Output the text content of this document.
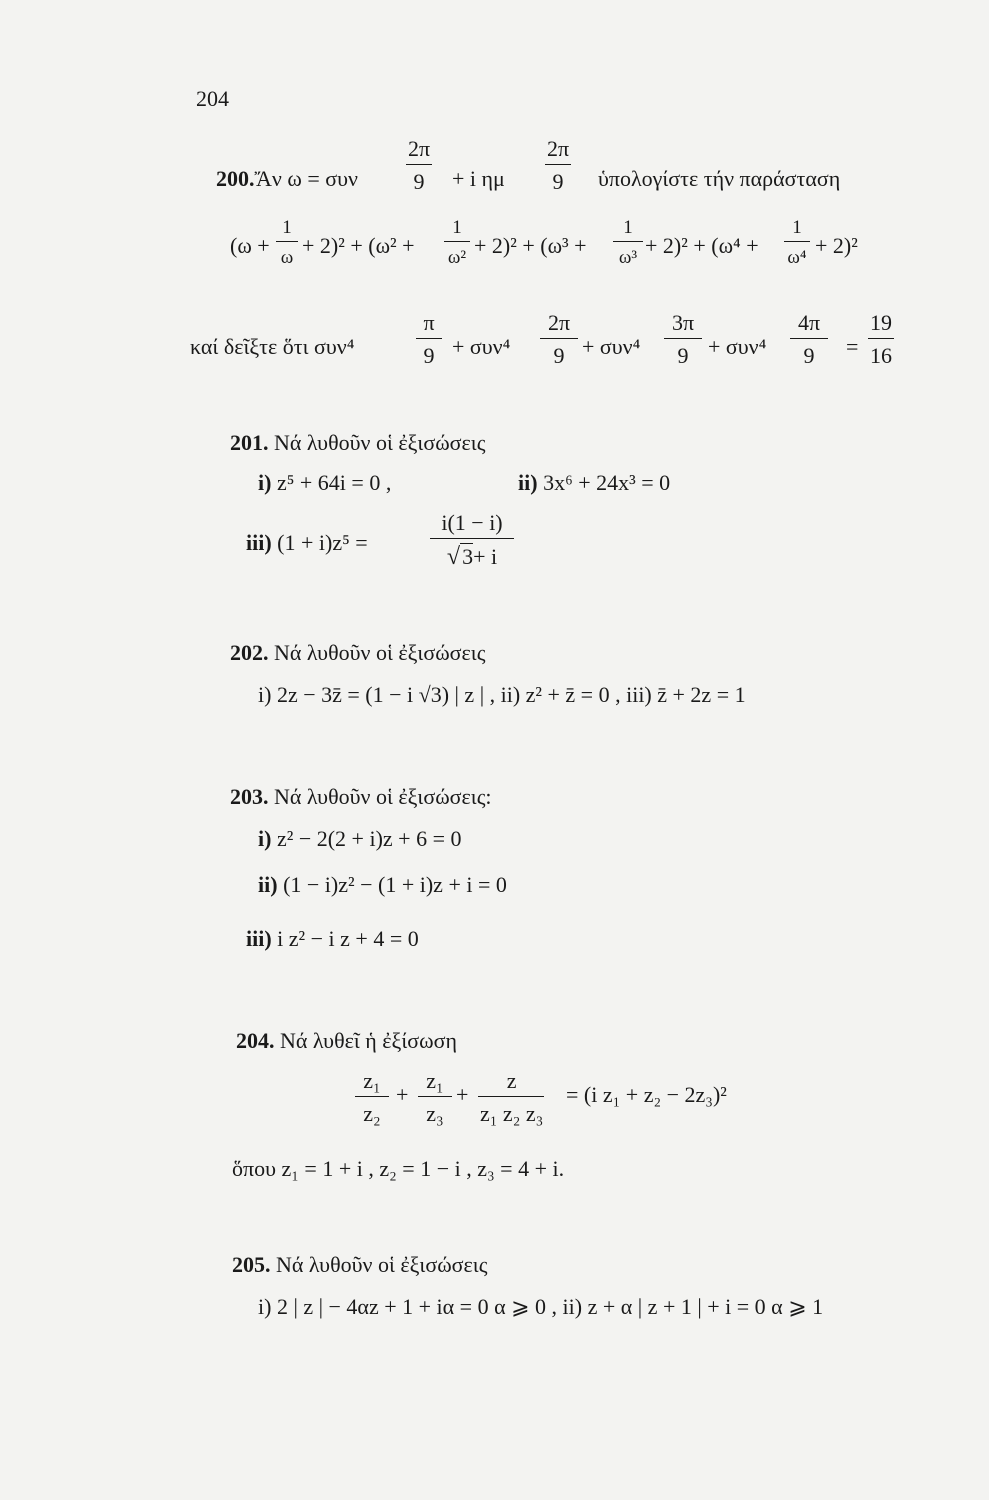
204
200.Ἄν ω = συν
2π
9 + i ημ
2π
9 ὑπολογίστε τήν παράσταση
(ω +
1
ω + 2)² + (ω² +
1
ω² + 2)² + (ω³ +
1
ω³ + 2)² + (ω⁴ +
1
ω⁴ + 2)²
καί δεῖξτε ὅτι συν⁴
π
9 + συν⁴
2π
9 + συν⁴
3π
9 + συν⁴
4π
9 =
19
16
201. Νά λυθοῦν οἱ ἐξισώσεις
i) z⁵ + 64i = 0 ,	ii) 3x⁶ + 24x³ = 0
iii) (1 + i)z⁵ =
i(1 − i)
√3+ i
202. Νά λυθοῦν οἱ ἐξισώσεις
i) 2z − 3z̄ = (1 − i √3) | z | , ii) z² + z̄ = 0 , iii) z̄ + 2z = 1
203. Νά λυθοῦν οἱ ἐξισώσεις:
i) z² − 2(2 + i)z + 6 = 0
ii) (1 − i)z² − (1 + i)z + i = 0
iii) i z² − i z + 4 = 0
204. Νά λυθεῖ ἡ ἐξίσωση
z₁
z₂
+
z₁
z₃
+
z
z₁ z₂ z₃
= (i z₁ + z₂ − 2z₃)²
ὅπου z₁ = 1 + i , z₂ = 1 − i , z₃ = 4 + i.
205. Νά λυθοῦν οἱ ἐξισώσεις
i) 2 | z | − 4αz + 1 + iα = 0 α ⩾ 0 , ii) z + α | z + 1 | + i = 0 α ⩾ 1
